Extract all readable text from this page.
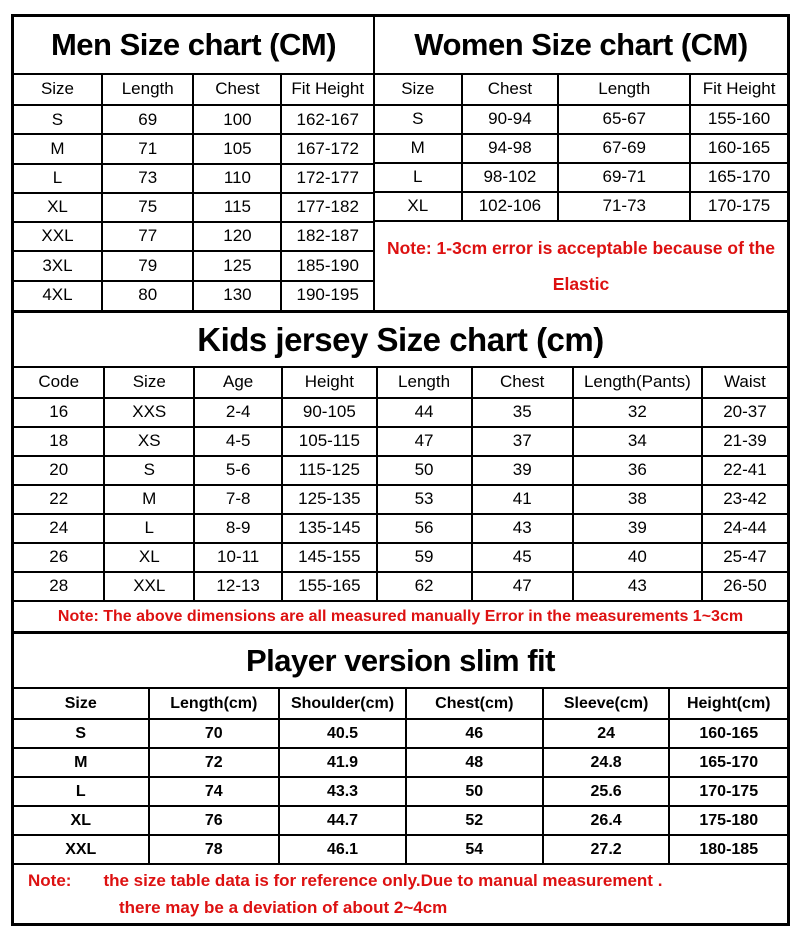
Men Size chart (CM)
Size	Length	Chest	Fit Height
S	69	100	162-167
M	71	105	167-172
L	73	110	172-177
XL	75	115	177-182
XXL	77	120	182-187
3XL	79	125	185-190
4XL	80	130	190-195
Women Size chart (CM)
Size	Chest	Length	Fit Height
S	90-94	65-67	155-160
M	94-98	67-69	160-165
L	98-102	69-71	165-170
XL	102-106	71-73	170-175
Note: 1-3cm error is acceptable because of the
Elastic
Kids jersey Size chart (cm)
Code	Size	Age	Height	Length	Chest	Length(Pants)	Waist
16	XXS	2-4	90-105	44	35	32	20-37
18	XS	4-5	105-115	47	37	34	21-39
20	S	5-6	115-125	50	39	36	22-41
22	M	7-8	125-135	53	41	38	23-42
24	L	8-9	135-145	56	43	39	24-44
26	XL	10-11	145-155	59	45	40	25-47
28	XXL	12-13	155-165	62	47	43	26-50
Note: The above dimensions are all measured manually Error in the measurements 1~3cm
Player version slim fit
Size	Length(cm)	Shoulder(cm)	Chest(cm)	Sleeve(cm)	Height(cm)
S	70	40.5	46	24	160-165
M	72	41.9	48	24.8	165-170
L	74	43.3	50	25.6	170-175
XL	76	44.7	52	26.4	175-180
XXL	78	46.1	54	27.2	180-185
Note: the size table data is for reference only.Due to manual measurement .
there may be a deviation of about 2~4cm
